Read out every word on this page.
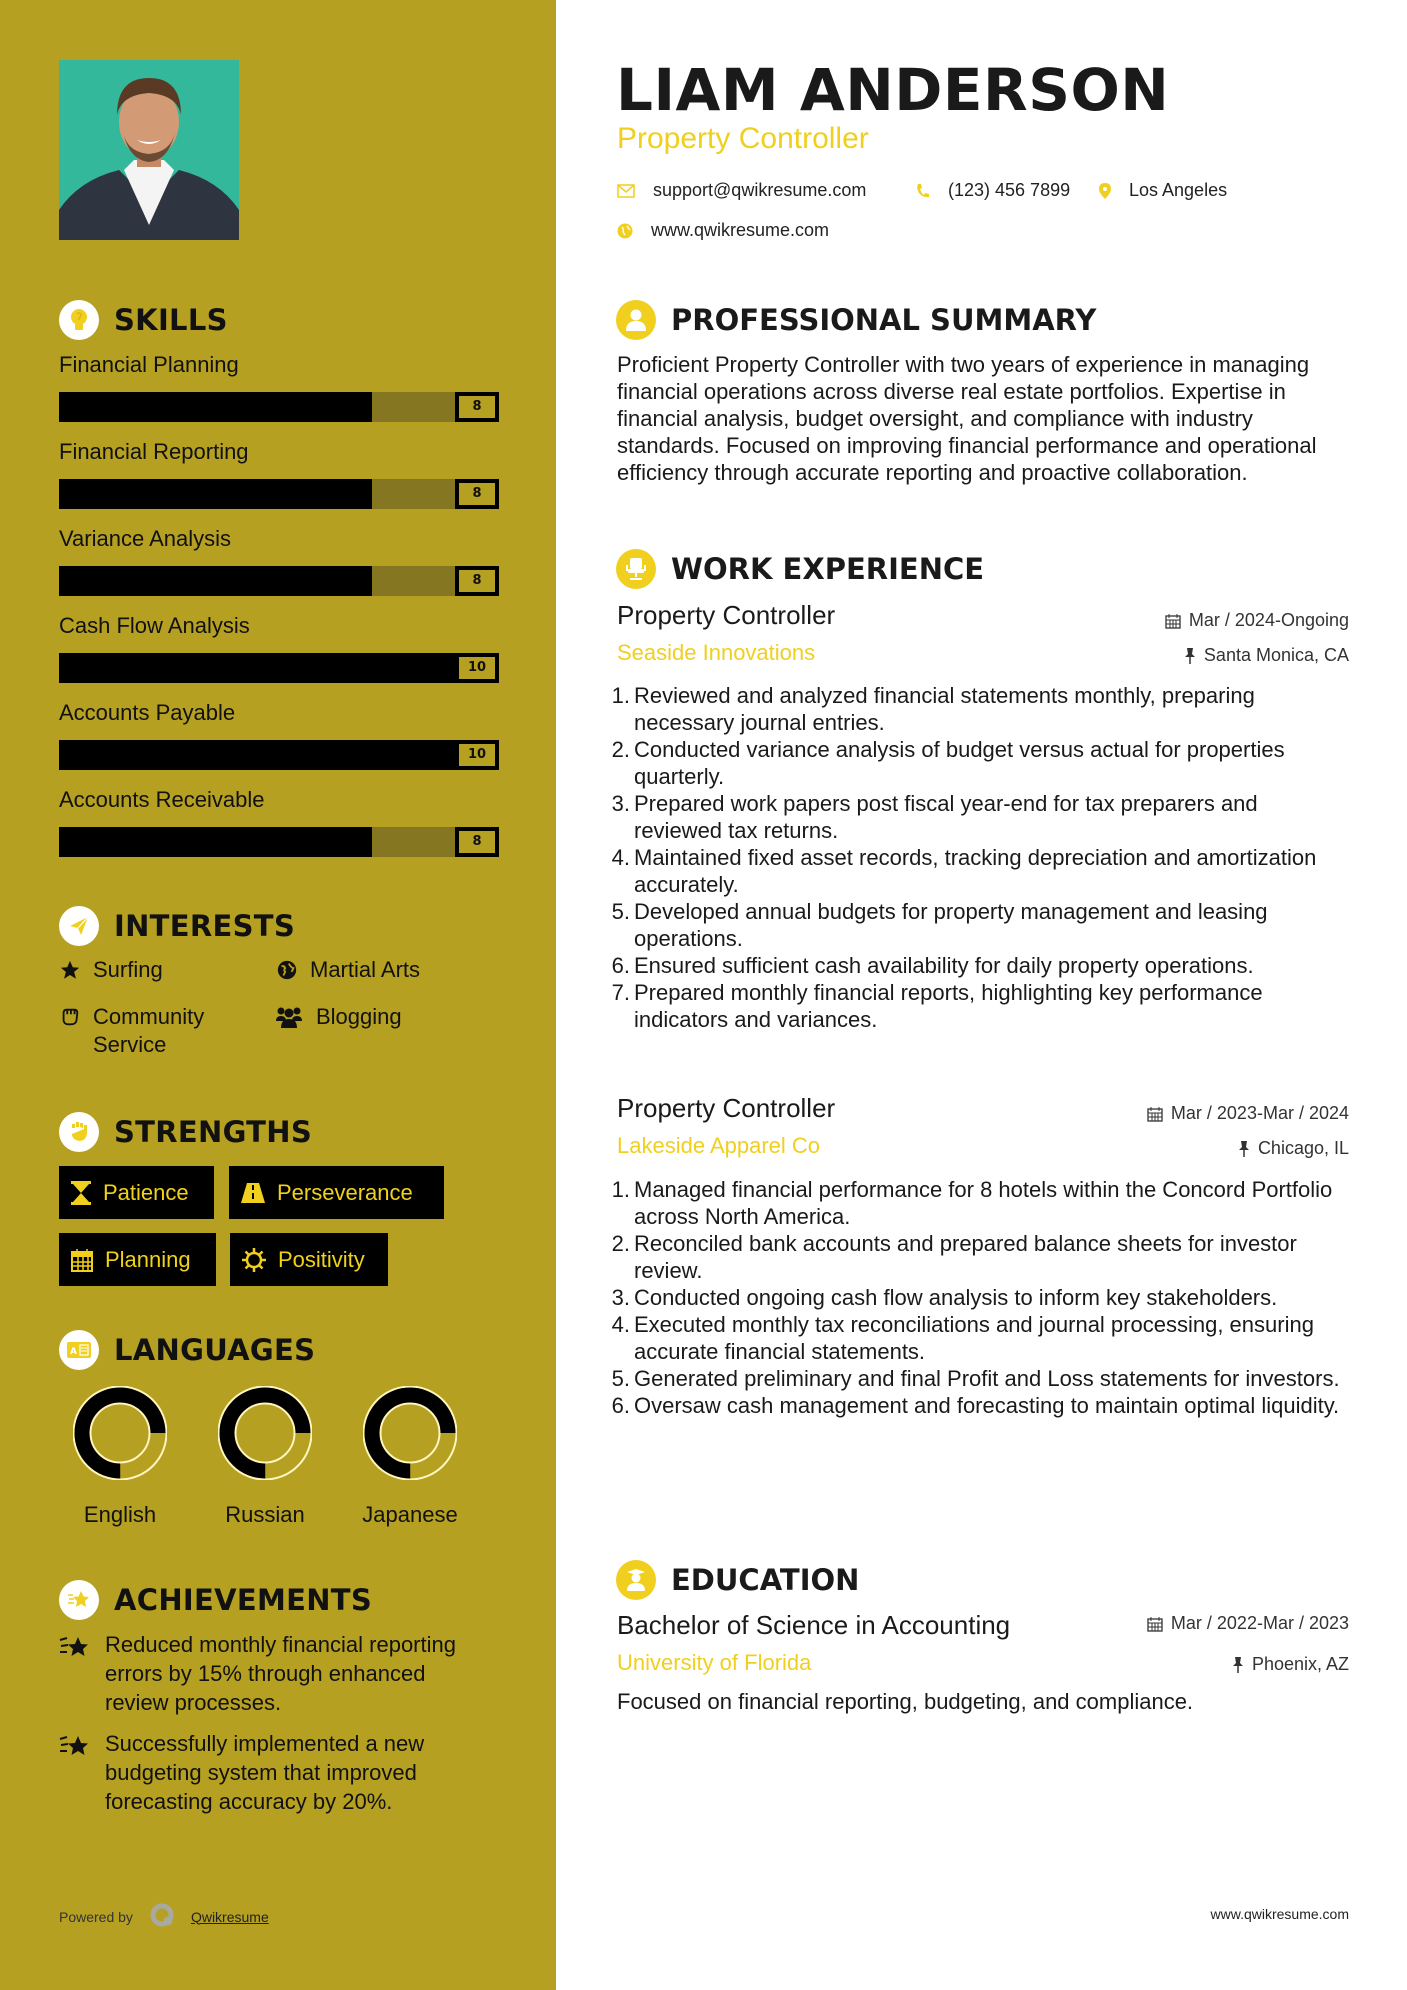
SKILLS
Financial Planning
8
Financial Reporting
8
Variance Analysis
8
Cash Flow Analysis
10
Accounts Payable
10
Accounts Receivable
8
INTERESTS
Surfing	Martial Arts
Community Service
Blogging
STRENGTHS
Patience	Perseverance
Planning	Positivity
A LANGUAGES
English	Russian	Japanese
ACHIEVEMENTS
Reduced monthly financial reporting errors by 15% through enhanced review processes.
Successfully implemented a new budgeting system that improved forecasting accuracy by 20%.
Powered by	Qwikresume
LIAM ANDERSON
Property Controller
support@qwikresume.com	(123) 456 7899	Los Angeles
www.qwikresume.com
PROFESSIONAL SUMMARY

Proficient Property Controller with two years of experience in managing financial operations across diverse real estate portfolios. Expertise in financial analysis, budget oversight, and compliance with industry standards. Focused on improving financial performance and operational efficiency through accurate reporting and proactive collaboration.

WORK EXPERIENCE
Property Controller
Seaside Innovations
Mar / 2024-Ongoing
Santa Monica, CA
1. Reviewed and analyzed financial statements monthly, preparing necessary journal entries.
2. Conducted variance analysis of budget versus actual for properties quarterly.
3. Prepared work papers post fiscal year-end for tax preparers and reviewed tax returns.
4. Maintained fixed asset records, tracking depreciation and amortization accurately.
5. Developed annual budgets for property management and leasing operations.
6. Ensured sufficient cash availability for daily property operations.
7. Prepared monthly financial reports, highlighting key performance indicators and variances.
Property Controller
Lakeside Apparel Co
Mar / 2023-Mar / 2024
Chicago, IL
1. Managed financial performance for 8 hotels within the Concord Portfolio across North America.
2. Reconciled bank accounts and prepared balance sheets for investor review.
3. Conducted ongoing cash flow analysis to inform key stakeholders.
4. Executed monthly tax reconciliations and journal processing, ensuring accurate financial statements.
5. Generated preliminary and final Profit and Loss statements for investors.
6. Oversaw cash management and forecasting to maintain optimal liquidity.
EDUCATION
Bachelor of Science in Accounting
University of Florida
Mar / 2022-Mar / 2023
Phoenix, AZ

Focused on financial reporting, budgeting, and compliance.

www.qwikresume.com
